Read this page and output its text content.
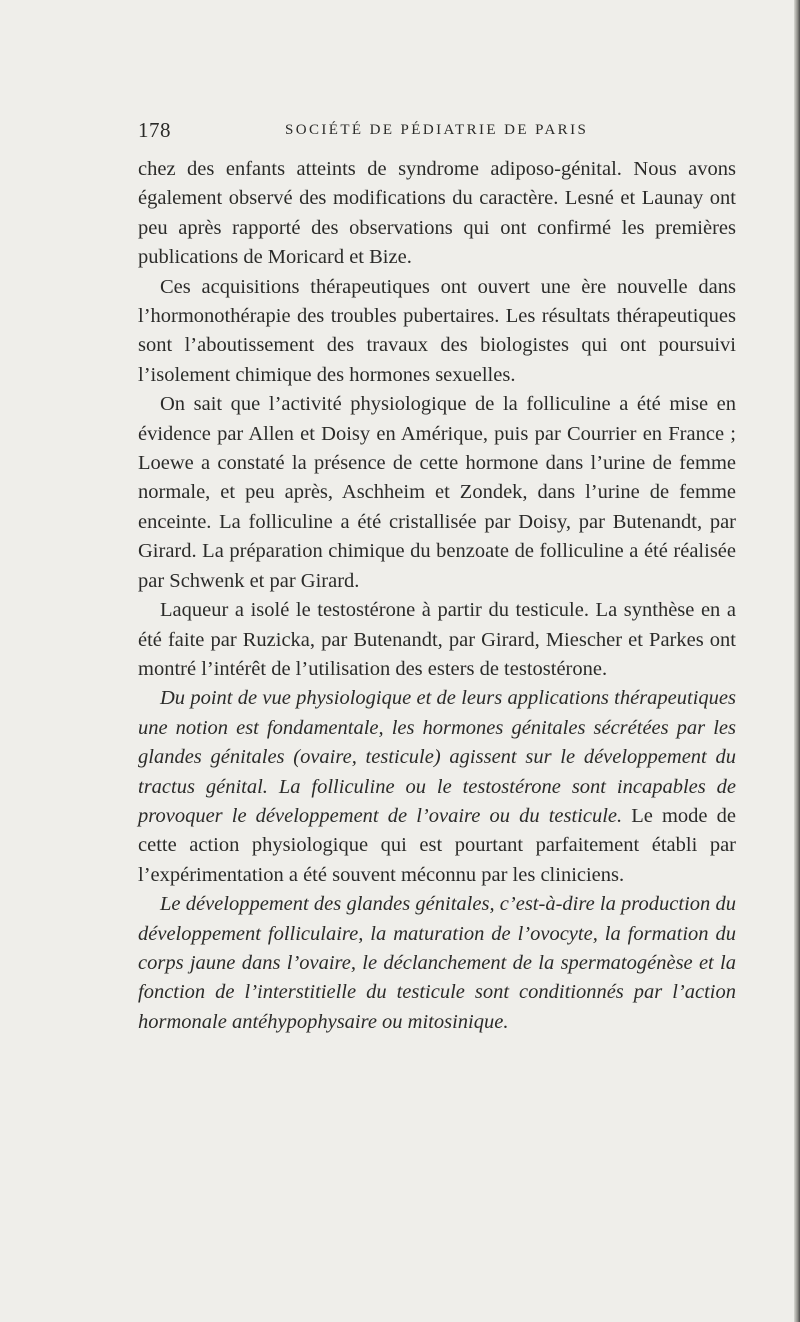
178	SOCIÉTÉ DE PÉDIATRIE DE PARIS

chez des enfants atteints de syndrome adiposo-génital. Nous avons également observé des modifications du caractère. Lesné et Launay ont peu après rapporté des observations qui ont confirmé les premières publications de Moricard et Bize.

Ces acquisitions thérapeutiques ont ouvert une ère nouvelle dans l’hormonothérapie des troubles pubertaires. Les résultats thérapeutiques sont l’aboutissement des travaux des biologistes qui ont poursuivi l’isolement chimique des hormones sexuelles.

On sait que l’activité physiologique de la folliculine a été mise en évidence par Allen et Doisy en Amérique, puis par Courrier en France ; Loewe a constaté la présence de cette hormone dans l’urine de femme normale, et peu après, Aschheim et Zondek, dans l’urine de femme enceinte. La folliculine a été cristallisée par Doisy, par Butenandt, par Girard. La préparation chimique du benzoate de folliculine a été réalisée par Schwenk et par Girard.

Laqueur a isolé le testostérone à partir du testicule. La synthèse en a été faite par Ruzicka, par Butenandt, par Girard, Miescher et Parkes ont montré l’intérêt de l’utilisation des esters de testostérone.

Du point de vue physiologique et de leurs applications thérapeutiques une notion est fondamentale, les hormones génitales sécrétées par les glandes génitales (ovaire, testicule) agissent sur le développement du tractus génital. La folliculine ou le testostérone sont incapables de provoquer le développement de l’ovaire ou du testicule. Le mode de cette action physiologique qui est pourtant parfaitement établi par l’expérimentation a été souvent méconnu par les cliniciens.

Le développement des glandes génitales, c’est-à-dire la production du développement folliculaire, la maturation de l’ovocyte, la formation du corps jaune dans l’ovaire, le déclanchement de la spermatogénèse et la fonction de l’interstitielle du testicule sont conditionnés par l’action hormonale antéhypophysaire ou mitosinique.
